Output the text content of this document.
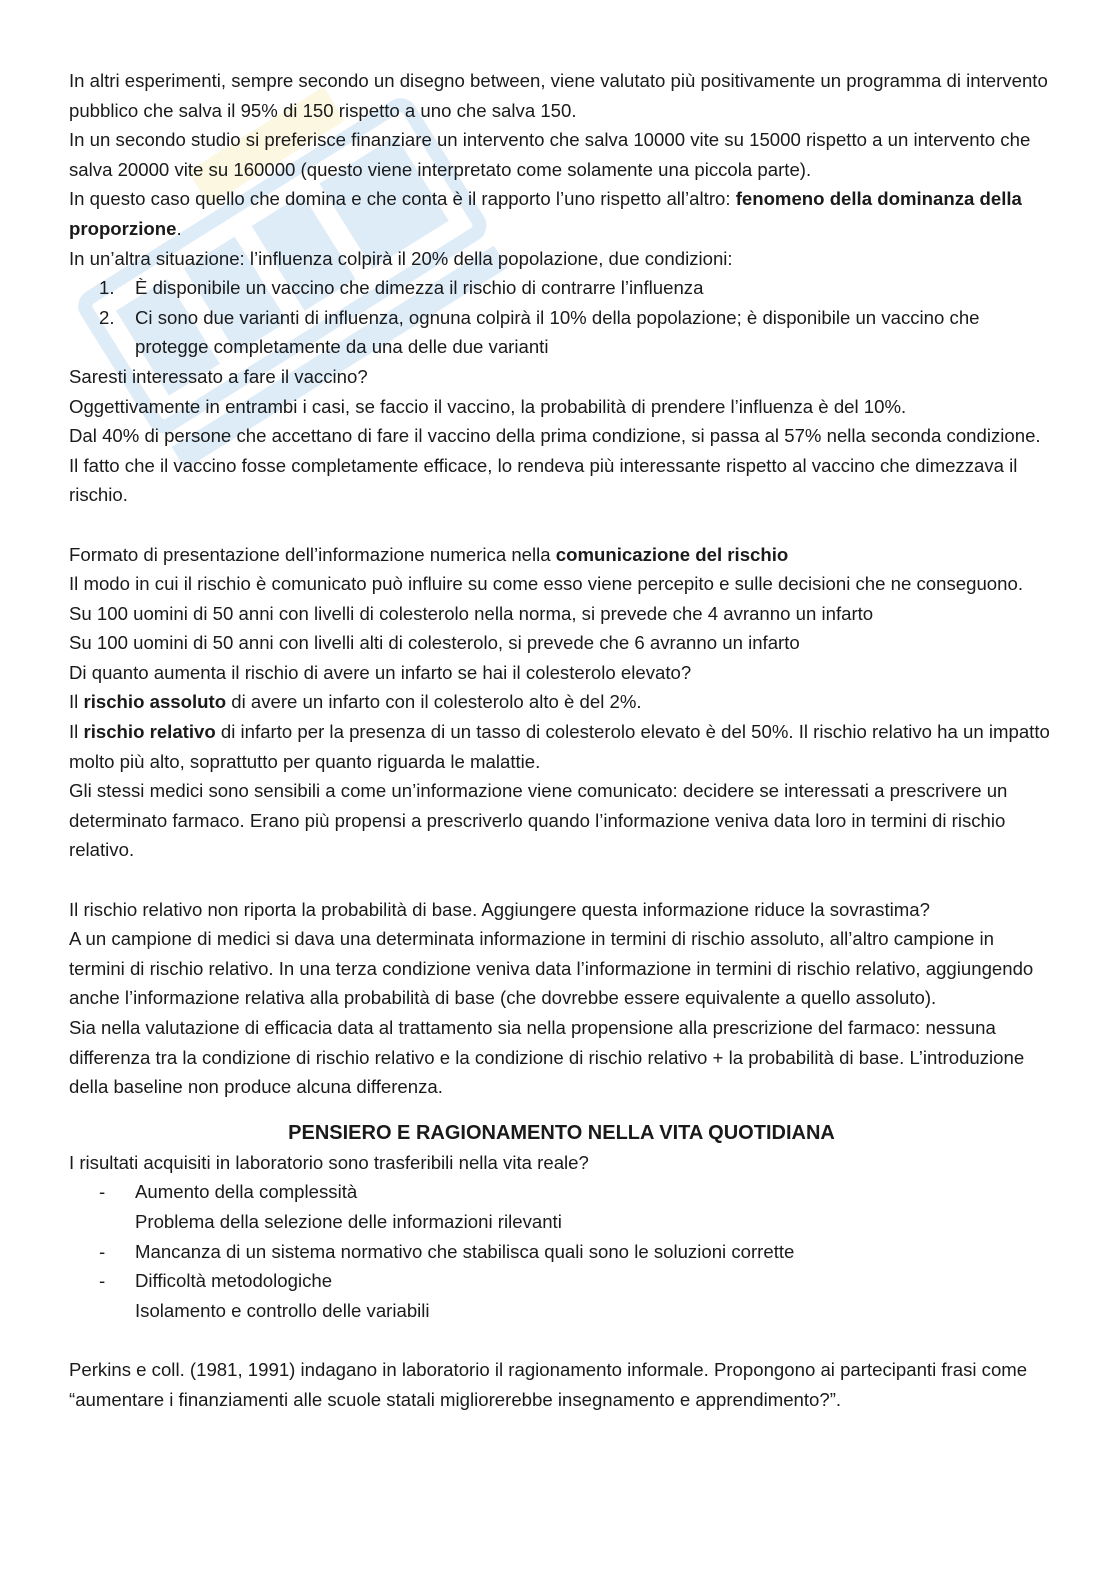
In altri esperimenti, sempre secondo un disegno between, viene valutato più positivamente un programma di intervento pubblico che salva il 95% di 150 rispetto a uno che salva 150.

In un secondo studio si preferisce finanziare un intervento che salva 10000 vite su 15000 rispetto a un intervento che salva 20000 vite su 160000 (questo viene interpretato come solamente una piccola parte).

In questo caso quello che domina e che conta è il rapporto l’uno rispetto all’altro: fenomeno della dominanza della proporzione.

In un’altra situazione: l’influenza colpirà il 20% della popolazione, due condizioni:

1. È disponibile un vaccino che dimezza il rischio di contrarre l’influenza
2. Ci sono due varianti di influenza, ognuna colpirà il 10% della popolazione; è disponibile un vaccino che protegge completamente da una delle due varianti

Saresti interessato a fare il vaccino?

Oggettivamente in entrambi i casi, se faccio il vaccino, la probabilità di prendere l’influenza è del 10%.

Dal 40% di persone che accettano di fare il vaccino della prima condizione, si passa al 57% nella seconda condizione. Il fatto che il vaccino fosse completamente efficace, lo rendeva più interessante rispetto al vaccino che dimezzava il rischio.

Formato di presentazione dell’informazione numerica nella comunicazione del rischio

Il modo in cui il rischio è comunicato può influire su come esso viene percepito e sulle decisioni che ne conseguono.

Su 100 uomini di 50 anni con livelli di colesterolo nella norma, si prevede che 4 avranno un infarto

Su 100 uomini di 50 anni con livelli alti di colesterolo, si prevede che 6 avranno un infarto

Di quanto aumenta il rischio di avere un infarto se hai il colesterolo elevato?

Il rischio assoluto di avere un infarto con il colesterolo alto è del 2%.

Il rischio relativo di infarto per la presenza di un tasso di colesterolo elevato è del 50%. Il rischio relativo ha un impatto molto più alto, soprattutto per quanto riguarda le malattie.

Gli stessi medici sono sensibili a come un’informazione viene comunicato: decidere se interessati a prescrivere un determinato farmaco. Erano più propensi a prescriverlo quando l’informazione veniva data loro in termini di rischio relativo.

Il rischio relativo non riporta la probabilità di base. Aggiungere questa informazione riduce la sovrastima?

A un campione di medici si dava una determinata informazione in termini di rischio assoluto, all’altro campione in termini di rischio relativo. In una terza condizione veniva data l’informazione in termini di rischio relativo, aggiungendo anche l’informazione relativa alla probabilità di base (che dovrebbe essere equivalente a quello assoluto).

Sia nella valutazione di efficacia data al trattamento sia nella propensione alla prescrizione del farmaco: nessuna differenza tra la condizione di rischio relativo e la condizione di rischio relativo + la probabilità di base. L’introduzione della baseline non produce alcuna differenza.

PENSIERO E RAGIONAMENTO NELLA VITA QUOTIDIANA

I risultati acquisiti in laboratorio sono trasferibili nella vita reale?

- Aumento della complessità
Problema della selezione delle informazioni rilevanti
- Mancanza di un sistema normativo che stabilisca quali sono le soluzioni corrette
- Difficoltà metodologiche
Isolamento e controllo delle variabili

Perkins e coll. (1981, 1991) indagano in laboratorio il ragionamento informale. Propongono ai partecipanti frasi come “aumentare i finanziamenti alle scuole statali migliorerebbe insegnamento e apprendimento?”.
